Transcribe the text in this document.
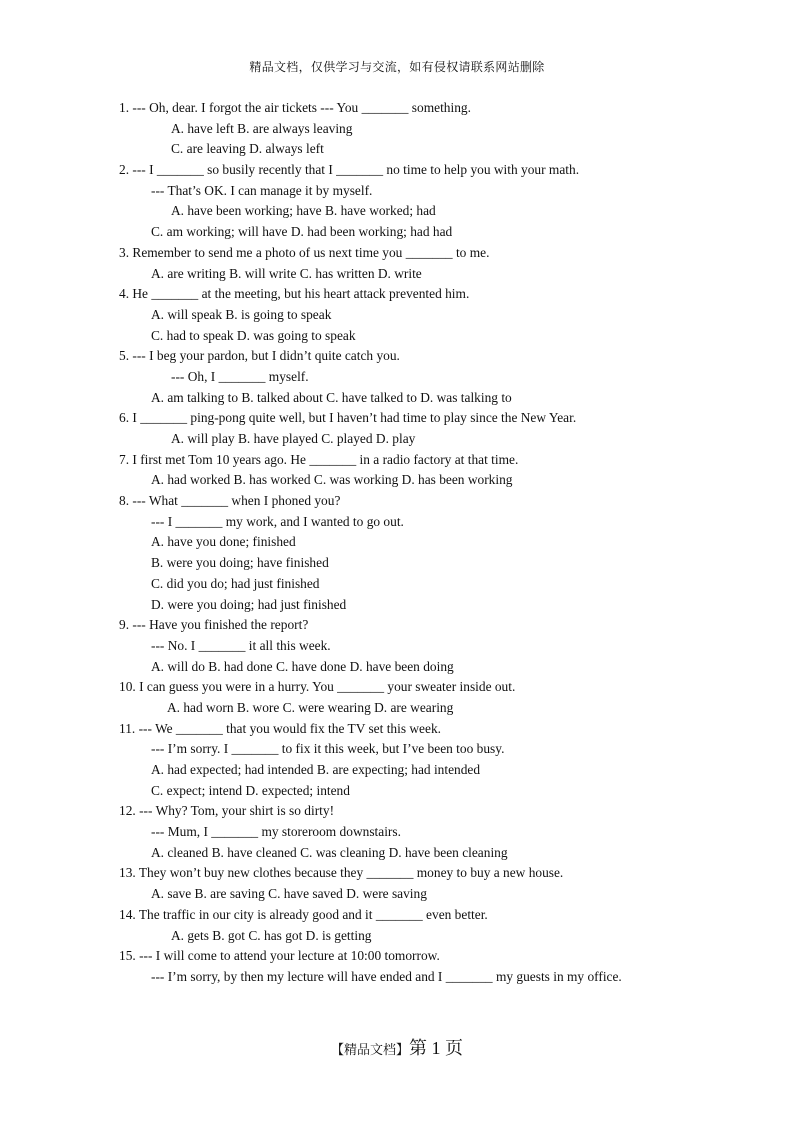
精品文档，仅供学习与交流，如有侵权请联系网站删除
1. --- Oh, dear. I forgot the air tickets --- You _______ something.
A. have left B. are always leaving
C. are leaving D. always left
2. --- I _______ so busily recently that I _______ no time to help you with your math.
--- That’s OK. I can manage it by myself.
A. have been working; have B. have worked; had
C. am working; will have D. had been working; had had
3. Remember to send me a photo of us next time you _______ to me.
A. are writing B. will write C. has written D. write
4. He _______ at the meeting, but his heart attack prevented him.
A. will speak B. is going to speak
C. had to speak D. was going to speak
5. --- I beg your pardon, but I didn’t quite catch you.
--- Oh, I _______ myself.
A. am talking to B. talked about C. have talked to D. was talking to
6. I _______ ping-pong quite well, but I haven’t had time to play since the New Year.
A. will play B. have played C. played D. play
7. I first met Tom 10 years ago. He _______ in a radio factory at that time.
A. had worked B. has worked C. was working D. has been working
8. --- What _______ when I phoned you?
--- I _______ my work, and I wanted to go out.
A. have you done; finished
B. were you doing; have finished
C. did you do; had just finished
D. were you doing; had just finished
9. --- Have you finished the report?
--- No. I _______ it all this week.
A. will do B. had done C. have done D. have been doing
10. I can guess you were in a hurry. You _______ your sweater inside out.
A. had worn B. wore C. were wearing D. are wearing
11. --- We _______ that you would fix the TV set this week.
--- I’m sorry. I _______ to fix it this week, but I’ve been too busy.
A. had expected; had intended B. are expecting; had intended
C. expect; intend D. expected; intend
12. --- Why? Tom, your shirt is so dirty!
--- Mum, I _______ my storeroom downstairs.
A. cleaned B. have cleaned C. was cleaning D. have been cleaning
13. They won’t buy new clothes because they _______ money to buy a new house.
A. save B. are saving C. have saved D. were saving
14. The traffic in our city is already good and it _______ even better.
A. gets B. got C. has got D. is getting
15. --- I will come to attend your lecture at 10:00 tomorrow.
--- I’m sorry, by then my lecture will have ended and I _______ my guests in my office.
【精品文档】第 1 页
